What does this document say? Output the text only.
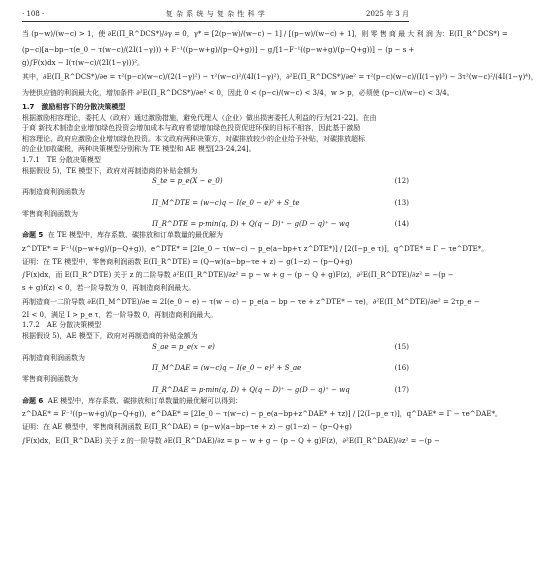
· 108 ·	复 杂 系 统 与 复 杂 性 科 学	2025 年 3 月
当 (p−w)/(w−c) > 1，使 ∂E(Π_R^DCS*)/∂γ = 0，γ* = [2(p−w)/(w−c) − 1] / [(p−w)/(w−c) + 1]，则 零 售 商 最 大 利 润 为：E(Π_R^DCS*) =
(p−c)[a−bp−τ(e_0 − τ(w−c)/(2I(1−γ))) + F⁻¹((p−w+g)/(p−Q+g))] − g∫[1−F⁻¹((p−w+g)/(p−Q+g))] − (p − s +
g)∫F(x)dx − I(τ(w−c)/(2I(1−γ)))²。
其中，∂E(Π_R^DCS*)/∂e = τ²(p−c)(w−c)/(2(1−γ)²) − τ²(w−c)²/(4I(1−γ)²)，∂²E(Π_R^DCS*)/∂e² = τ²(p−c)(w−c)/(I(1−γ)³) − 3τ²(w−c)²/(4I(1−γ)⁴)，
为使供应链的利润最大化，增加条件 ∂²E(Π_R^DCS*)/∂e² < 0，因此 0 < (p−c)/(w−c) < 3/4，w > p，必须使 (p−c)/(w−c) < 3/4。
1.7　激励相容下的分散决策模型
根据激励相容理论，委托人（政府）通过激励措施，避免代理人（企业）做出损害委托人利益的行为[21-22]。在由
于商 新技术制造企业增加绿色投资会增加成本与政府希望增加绿色投资促进环保的目标不相容，因此基于激励
相容理论，政府应激励企业增加绿色投资。本文政府两种决策方，对碳排放较少的企业给予补贴，对碳排放超标
的企业加收碳税，两种决策模型分别称为 TE 模型和 AE 模型[23-24,24]。
1.7.1　TE 分散决策模型
根据假设 5)，TE 模型下，政府对再制造商的补贴金额为
S_te = p_e(X − e_0)	(12)
再制造商利润函数为
Π_M^DTE = (w−c)q − I(e_0 − e)² + S_te	(13)
零售商利润函数为
Π_R^DTE = p·min(q, D) + Q(q − D)⁺ − g(D − q)⁺ − wq	(14)
命题 5 在 TE 模型中，库存系数、碳排放和订单数量的最优解为
z^DTE* = F⁻¹((p−w+g)/(p−Q+g))，e^DTE* = [2Ie_0 − τ(w−c) − p_e(a−bp+τ z^DTE*)] / [2(I−p_e τ)]，q^DTE* = Γ − τe^DTE*。
证明：在 TE 模型中，零售商利润函数 E(Π_R^DTE) = (Q−w)(a−bp−τe + z) − g(1−z) − (p−Q+g)
∫F(x)dx，而 E(Π_R^DTE) 关于 z 的二阶导数 ∂²E(Π_R^DTE)/∂z² = p − w + g − (p − Q + g)F(z)，∂²E(Π_R^DTE)/∂z² = −(p −
s + g)f(z) < 0，若一阶导数为 0，再制造商利润最大。
再制造商一二阶导数 ∂E(Π_M^DTE)/∂e = 2I(e_0 − e) − τ(w − c) − p_e(a − bp − τe + z^DTE* − τe)，∂²E(Π_M^DTE)/∂e² = 2τp_e −
2I < 0，满足 I > p_e τ，若一阶导数 0，再制造商利润最大。
1.7.2　AE 分散决策模型
根据假设 5)，AE 模型下，政府对再制造商的补贴金额为
S_ae = p_e(x − e)	(15)
再制造商利润函数为
Π_M^DAE = (w−c)q − I(e_0 − e)² + S_ae	(16)
零售商利润函数为
Π_R^DAE = p·min(q, D) + Q(q − D)⁺ − g(D − q)⁺ − wq	(17)
命题 6 AE 模型中，库存系数、碳排放和订单数量的最优解可以得到：
z^DAE* = F⁻¹((p−w+g)/(p−Q+g))，e^DAE* = [2Ie_0 − τ(w−c) − p_e(a−bp+z^DAE* + τz)] / [2(I−p_e τ)]，q^DAE* = Γ − τe^DAE*。
证明：在 AE 模型中，零售商利润函数 E(Π_R^DAE) = (p−w)(a−bp−τe + z) − g(1−z) − (p−Q+g)
∫F(x)dx，E(Π_R^DAE) 关于 z 的一阶导数 ∂E(Π_R^DAE)/∂z = p − w + g − (p − Q + g)F(z)，∂²E(Π_R^DAE)/∂z² = −(p −
